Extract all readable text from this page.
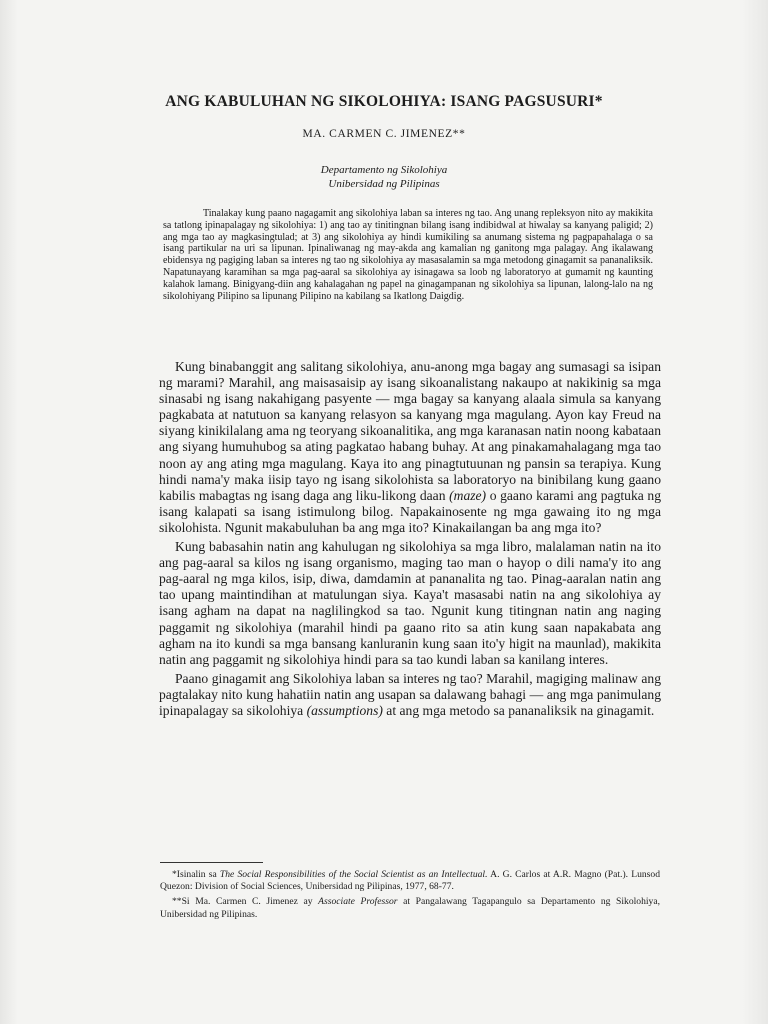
ANG KABULUHAN NG SIKOLOHIYA: ISANG PAGSUSURI*
MA. CARMEN C. JIMENEZ**
Departamento ng Sikolohiya
Unibersidad ng Pilipinas

Tinalakay kung paano nagagamit ang sikolohiya laban sa interes ng tao. Ang unang repleksyon nito ay makikita sa tatlong ipinapalagay ng sikolohiya: 1) ang tao ay tinitingnan bilang isang indibidwal at hiwalay sa kanyang paligid; 2) ang mga tao ay magkasingtulad; at 3) ang sikolohiya ay hindi kumikiling sa anumang sistema ng pagpapahalaga o sa isang partikular na uri sa lipunan. Ipinaliwanag ng may-akda ang kamalian ng ganitong mga palagay. Ang ikalawang ebidensya ng pagiging laban sa interes ng tao ng sikolohiya ay masasalamin sa mga metodong ginagamit sa pananaliksik. Napatunayang karamihan sa mga pag-aaral sa sikolohiya ay isinagawa sa loob ng laboratoryo at gumamit ng kaunting kalahok lamang. Binigyang-diin ang kahalagahan ng papel na ginagampanan ng sikolohiya sa lipunan, lalong-lalo na ng sikolohiyang Pilipino sa lipunang Pilipino na kabilang sa Ikatlong Daigdig.

Kung binabanggit ang salitang sikolohiya, anu-anong mga bagay ang sumasagi sa isipan ng marami? Marahil, ang maisasaisip ay isang sikoanalistang nakaupo at nakikinig sa mga sinasabi ng isang nakahigang pasyente — mga bagay sa kanyang alaala simula sa kanyang pagkabata at natutuon sa kanyang relasyon sa kanyang mga magulang. Ayon kay Freud na siyang kinikilalang ama ng teoryang sikoanalitika, ang mga karanasan natin noong kabataan ang siyang humuhubog sa ating pagkatao habang buhay. At ang pinakamahalagang mga tao noon ay ang ating mga magulang. Kaya ito ang pinagtutuunan ng pansin sa terapiya. Kung hindi nama'y maka iisip tayo ng isang sikolohista sa laboratoryo na binibilang kung gaano kabilis mabagtas ng isang daga ang liku-likong daan (maze) o gaano karami ang pagtuka ng isang kalapati sa isang istimulong bilog. Napakainosente ng mga gawaing ito ng mga sikolohista. Ngunit makabuluhan ba ang mga ito? Kinakailangan ba ang mga ito?

Kung babasahin natin ang kahulugan ng sikolohiya sa mga libro, malalaman natin na ito ang pag-aaral sa kilos ng isang organismo, maging tao man o hayop o dili nama'y ito ang pag-aaral ng mga kilos, isip, diwa, damdamin at pananalita ng tao. Pinag-aaralan natin ang tao upang maintindihan at matulungan siya. Kaya't masasabi natin na ang sikolohiya ay isang agham na dapat na naglilingkod sa tao. Ngunit kung titingnan natin ang naging paggamit ng sikolohiya (marahil hindi pa gaano rito sa atin kung saan napakabata ang agham na ito kundi sa mga bansang kanluranin kung saan ito'y higit na maunlad), makikita natin ang paggamit ng sikolohiya hindi para sa tao kundi laban sa kanilang interes.

Paano ginagamit ang Sikolohiya laban sa interes ng tao? Marahil, magiging malinaw ang pagtalakay nito kung hahatiin natin ang usapan sa dalawang bahagi — ang mga panimulang ipinapalagay sa sikolohiya (assumptions) at ang mga metodo sa pananaliksik na ginagamit.

*Isinalin sa The Social Responsibilities of the Social Scientist as an Intellectual. A. G. Carlos at A.R. Magno (Pat.). Lunsod Quezon: Division of Social Sciences, Unibersidad ng Pilipinas, 1977, 68-77.

**Si Ma. Carmen C. Jimenez ay Associate Professor at Pangalawang Tagapangulo sa Departamento ng Sikolohiya, Unibersidad ng Pilipinas.
